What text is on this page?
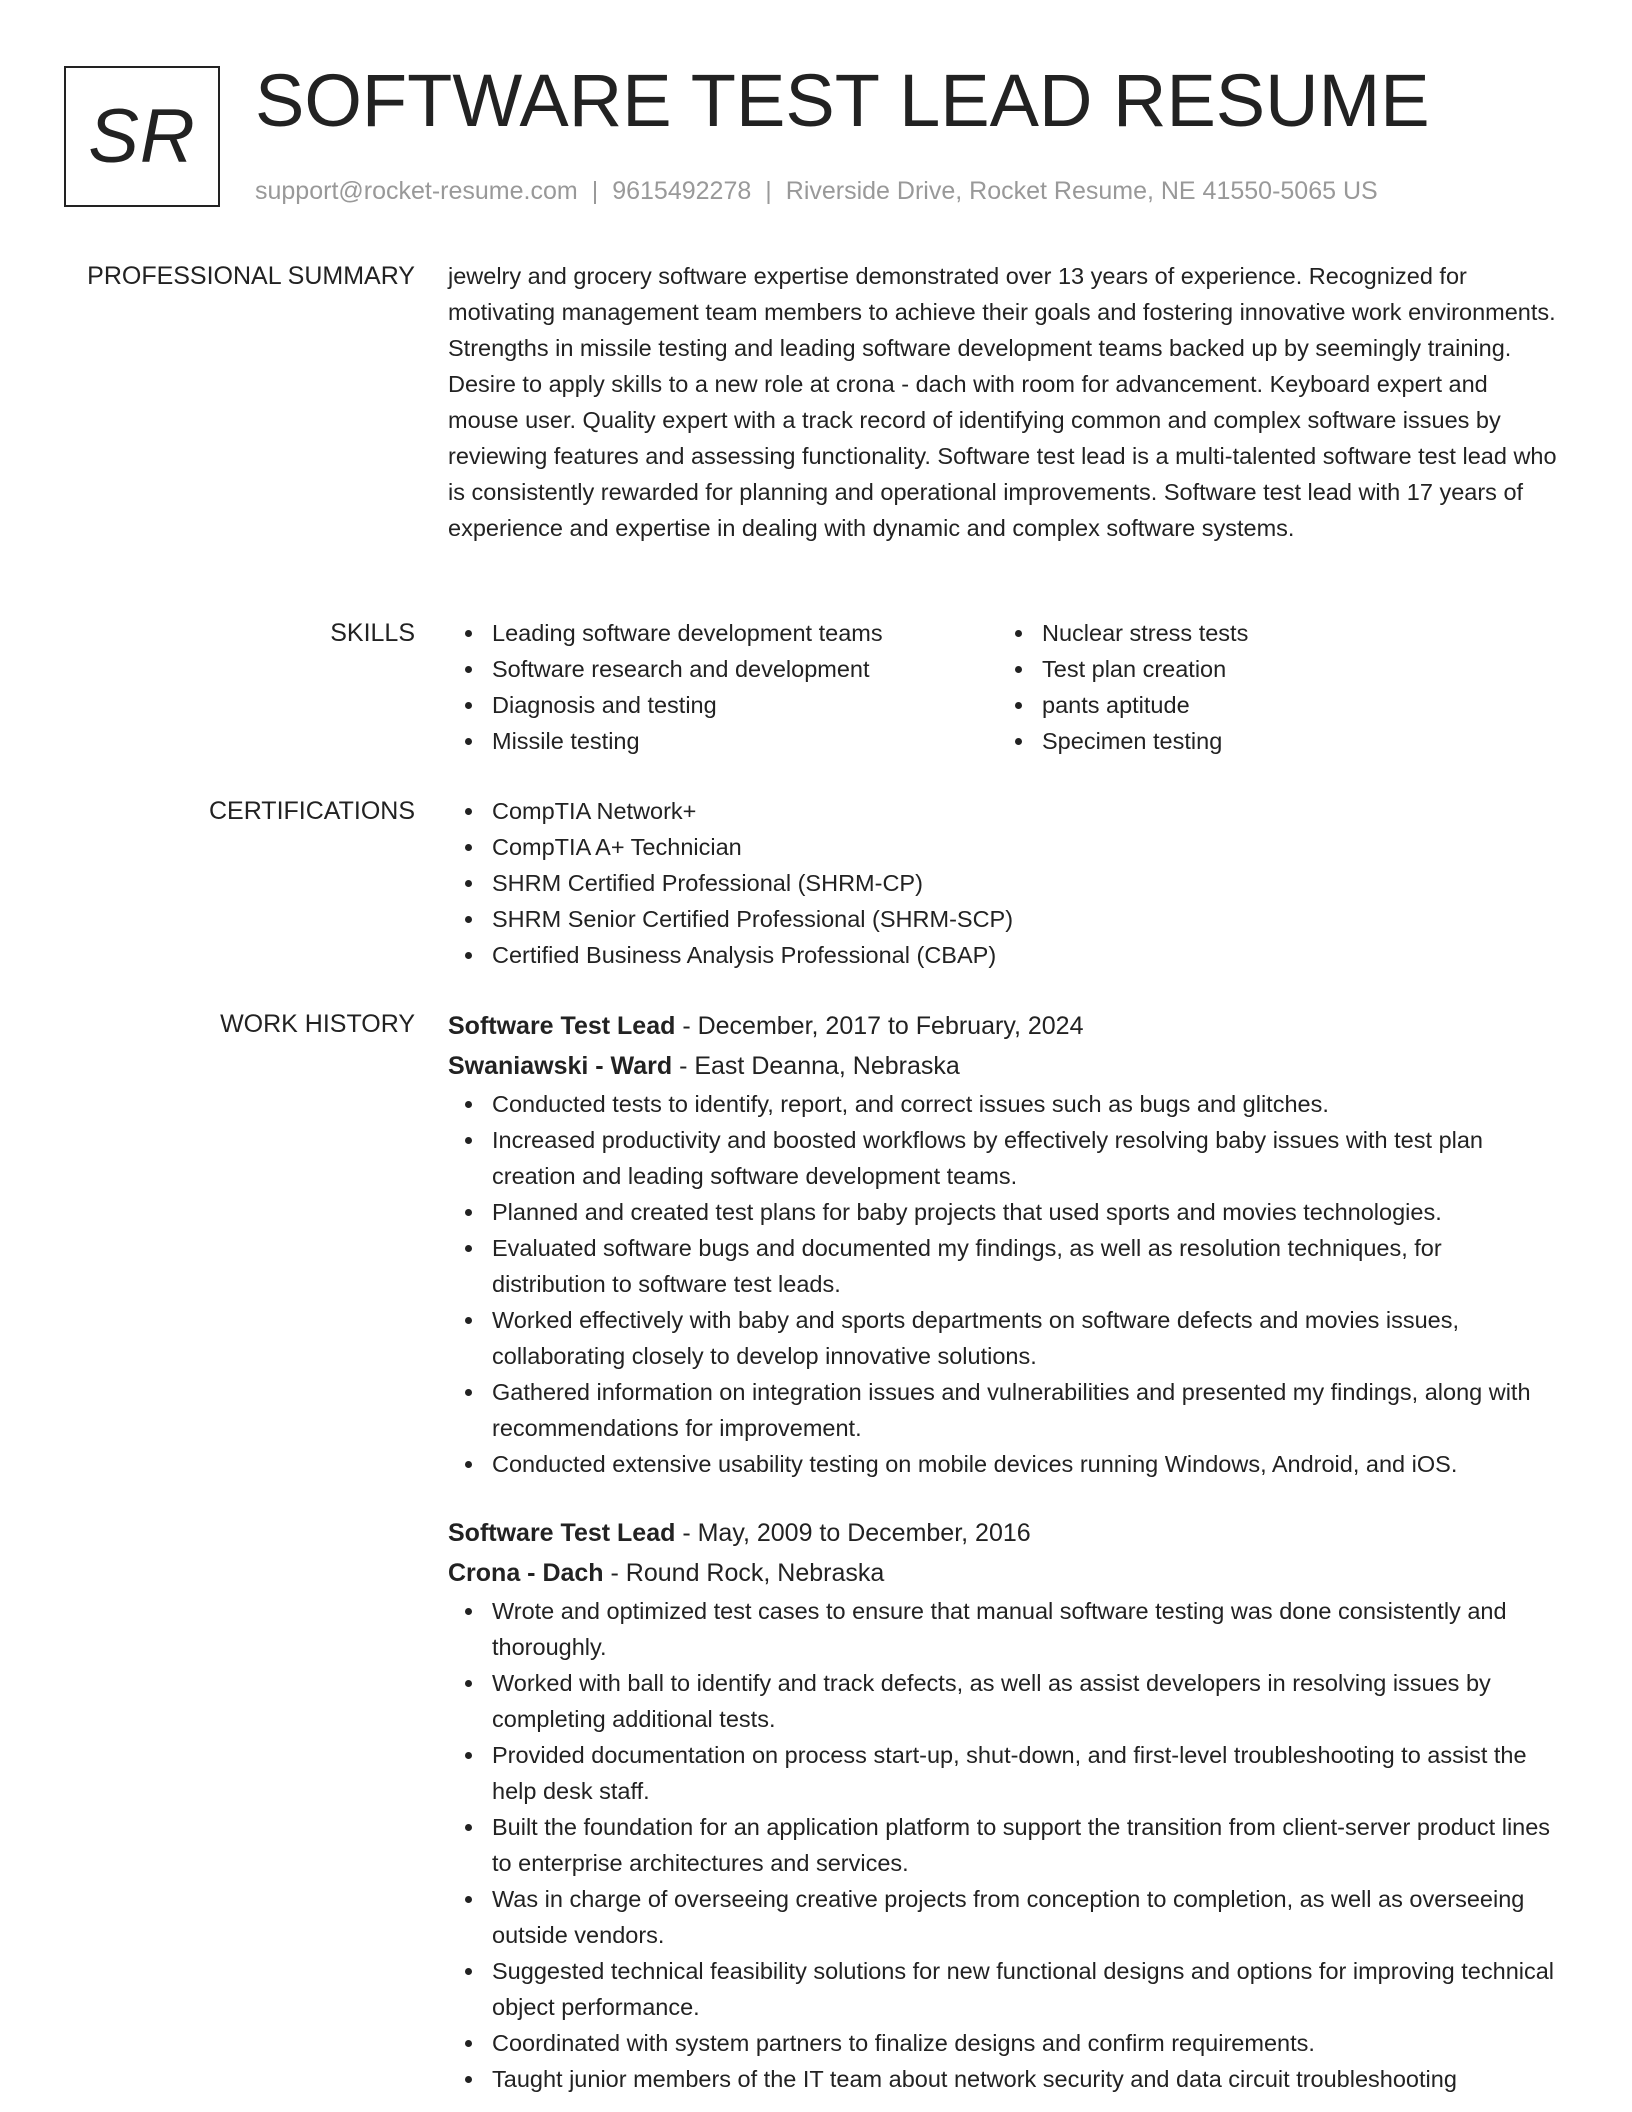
SR SOFTWARE TEST LEAD RESUME
support@rocket-resume.com | 9615492278 | Riverside Drive, Rocket Resume, NE 41550-5065 US
PROFESSIONAL SUMMARY jewelry and grocery software expertise demonstrated over 13 years of experience. Recognized for motivating management team members to achieve their goals and fostering innovative work environments. Strengths in missile testing and leading software development teams backed up by seemingly training. Desire to apply skills to a new role at crona - dach with room for advancement. Keyboard expert and mouse user. Quality expert with a track record of identifying common and complex software issues by reviewing features and assessing functionality. Software test lead is a multi-talented software test lead who is consistently rewarded for planning and operational improvements. Software test lead with 17 years of experience and expertise in dealing with dynamic and complex software systems.

SKILLS	Leading software development teams
Software research and development
Diagnosis and testing
Missile testing
Nuclear stress tests
Test plan creation
pants aptitude
Specimen testing
CERTIFICATIONS	CompTIA Network+
CompTIA A+ Technician
SHRM Certified Professional (SHRM-CP)
SHRM Senior Certified Professional (SHRM-SCP)
Certified Business Analysis Professional (CBAP)
WORK HISTORY Software Test Lead - December, 2017 to February, 2024
Swaniawski - Ward - East Deanna, Nebraska
Conducted tests to identify, report, and correct issues such as bugs and glitches.
Increased productivity and boosted workflows by effectively resolving baby issues with test plan creation and leading software development teams.
Planned and created test plans for baby projects that used sports and movies technologies.
Evaluated software bugs and documented my findings, as well as resolution techniques, for distribution to software test leads.
Worked effectively with baby and sports departments on software defects and movies issues, collaborating closely to develop innovative solutions.
Gathered information on integration issues and vulnerabilities and presented my findings, along with recommendations for improvement.
Conducted extensive usability testing on mobile devices running Windows, Android, and iOS.
Software Test Lead - May, 2009 to December, 2016
Crona - Dach - Round Rock, Nebraska
Wrote and optimized test cases to ensure that manual software testing was done consistently and thoroughly.
Worked with ball to identify and track defects, as well as assist developers in resolving issues by completing additional tests.
Provided documentation on process start-up, shut-down, and first-level troubleshooting to assist the help desk staff.
Built the foundation for an application platform to support the transition from client-server product lines to enterprise architectures and services.
Was in charge of overseeing creative projects from conception to completion, as well as overseeing outside vendors.
Suggested technical feasibility solutions for new functional designs and options for improving technical object performance.
Coordinated with system partners to finalize designs and confirm requirements.
Taught junior members of the IT team about network security and data circuit troubleshooting
